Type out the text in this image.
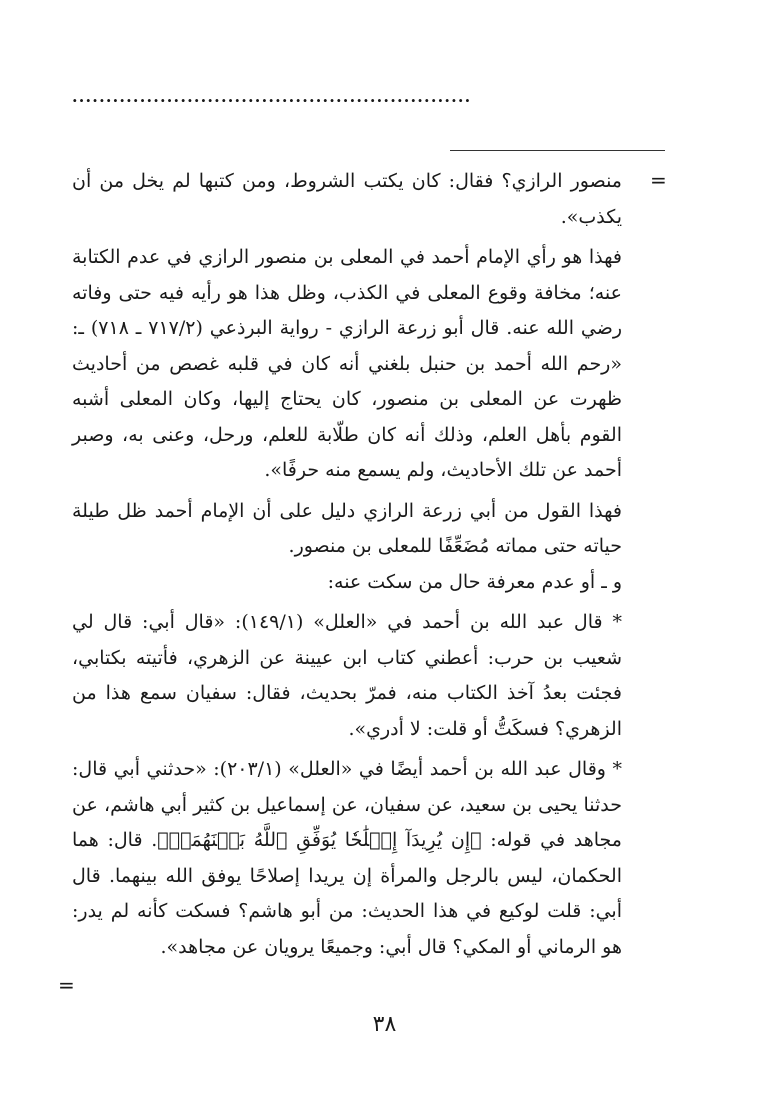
...........................................................
=

منصور الرازي؟ فقال: كان يكتب الشروط، ومن كتبها لم يخل من أن يكذب».

فهذا هو رأي الإمام أحمد في المعلى بن منصور الرازي في عدم الكتابة عنه؛ مخافة وقوع المعلى في الكذب، وظل هذا هو رأيه فيه حتى وفاته رضي الله عنه. قال أبو زرعة الرازي - رواية البرذعي (٧١٧/٢ ـ ٧١٨) ـ: «رحم الله أحمد بن حنبل بلغني أنه كان في قلبه غصص من أحاديث ظهرت عن المعلى بن منصور، كان يحتاج إليها، وكان المعلى أشبه القوم بأهل العلم، وذلك أنه كان طلّابة للعلم، ورحل، وعنى به، وصبر أحمد عن تلك الأحاديث، ولم يسمع منه حرفًا».

فهذا القول من أبي زرعة الرازي دليل على أن الإمام أحمد ظل طيلة حياته حتى مماته مُضَعِّفًا للمعلى بن منصور.

و ـ أو عدم معرفة حال من سكت عنه:

* قال عبد الله بن أحمد في «العلل» (١٤٩/١): «قال أبي: قال لي شعيب بن حرب: أعطني كتاب ابن عيينة عن الزهري، فأتيته بكتابي، فجئت بعدُ آخذ الكتاب منه، فمرّ بحديث، فقال: سفيان سمع هذا من الزهري؟ فسكَتُّ أو قلت: لا أدري».

* وقال عبد الله بن أحمد أيضًا في «العلل» (٢٠٣/١): «حدثني أبي قال: حدثنا يحيى بن سعيد، عن سفيان، عن إسماعيل بن كثير أبي هاشم، عن مجاهد في قوله: ﴿إِن يُرِيدَآ إِصۡلَٰحٗا يُوَفِّقِ ٱللَّهُ بَيۡنَهُمَآۗ﴾. قال: هما الحكمان، ليس بالرجل والمرأة إن يريدا إصلاحًا يوفق الله بينهما. قال أبي: قلت لوكيع في هذا الحديث: من أبو هاشم؟ فسكت كأنه لم يدر: هو الرماني أو المكي؟ قال أبي: وجميعًا يرويان عن مجاهد».

=
٣٨
